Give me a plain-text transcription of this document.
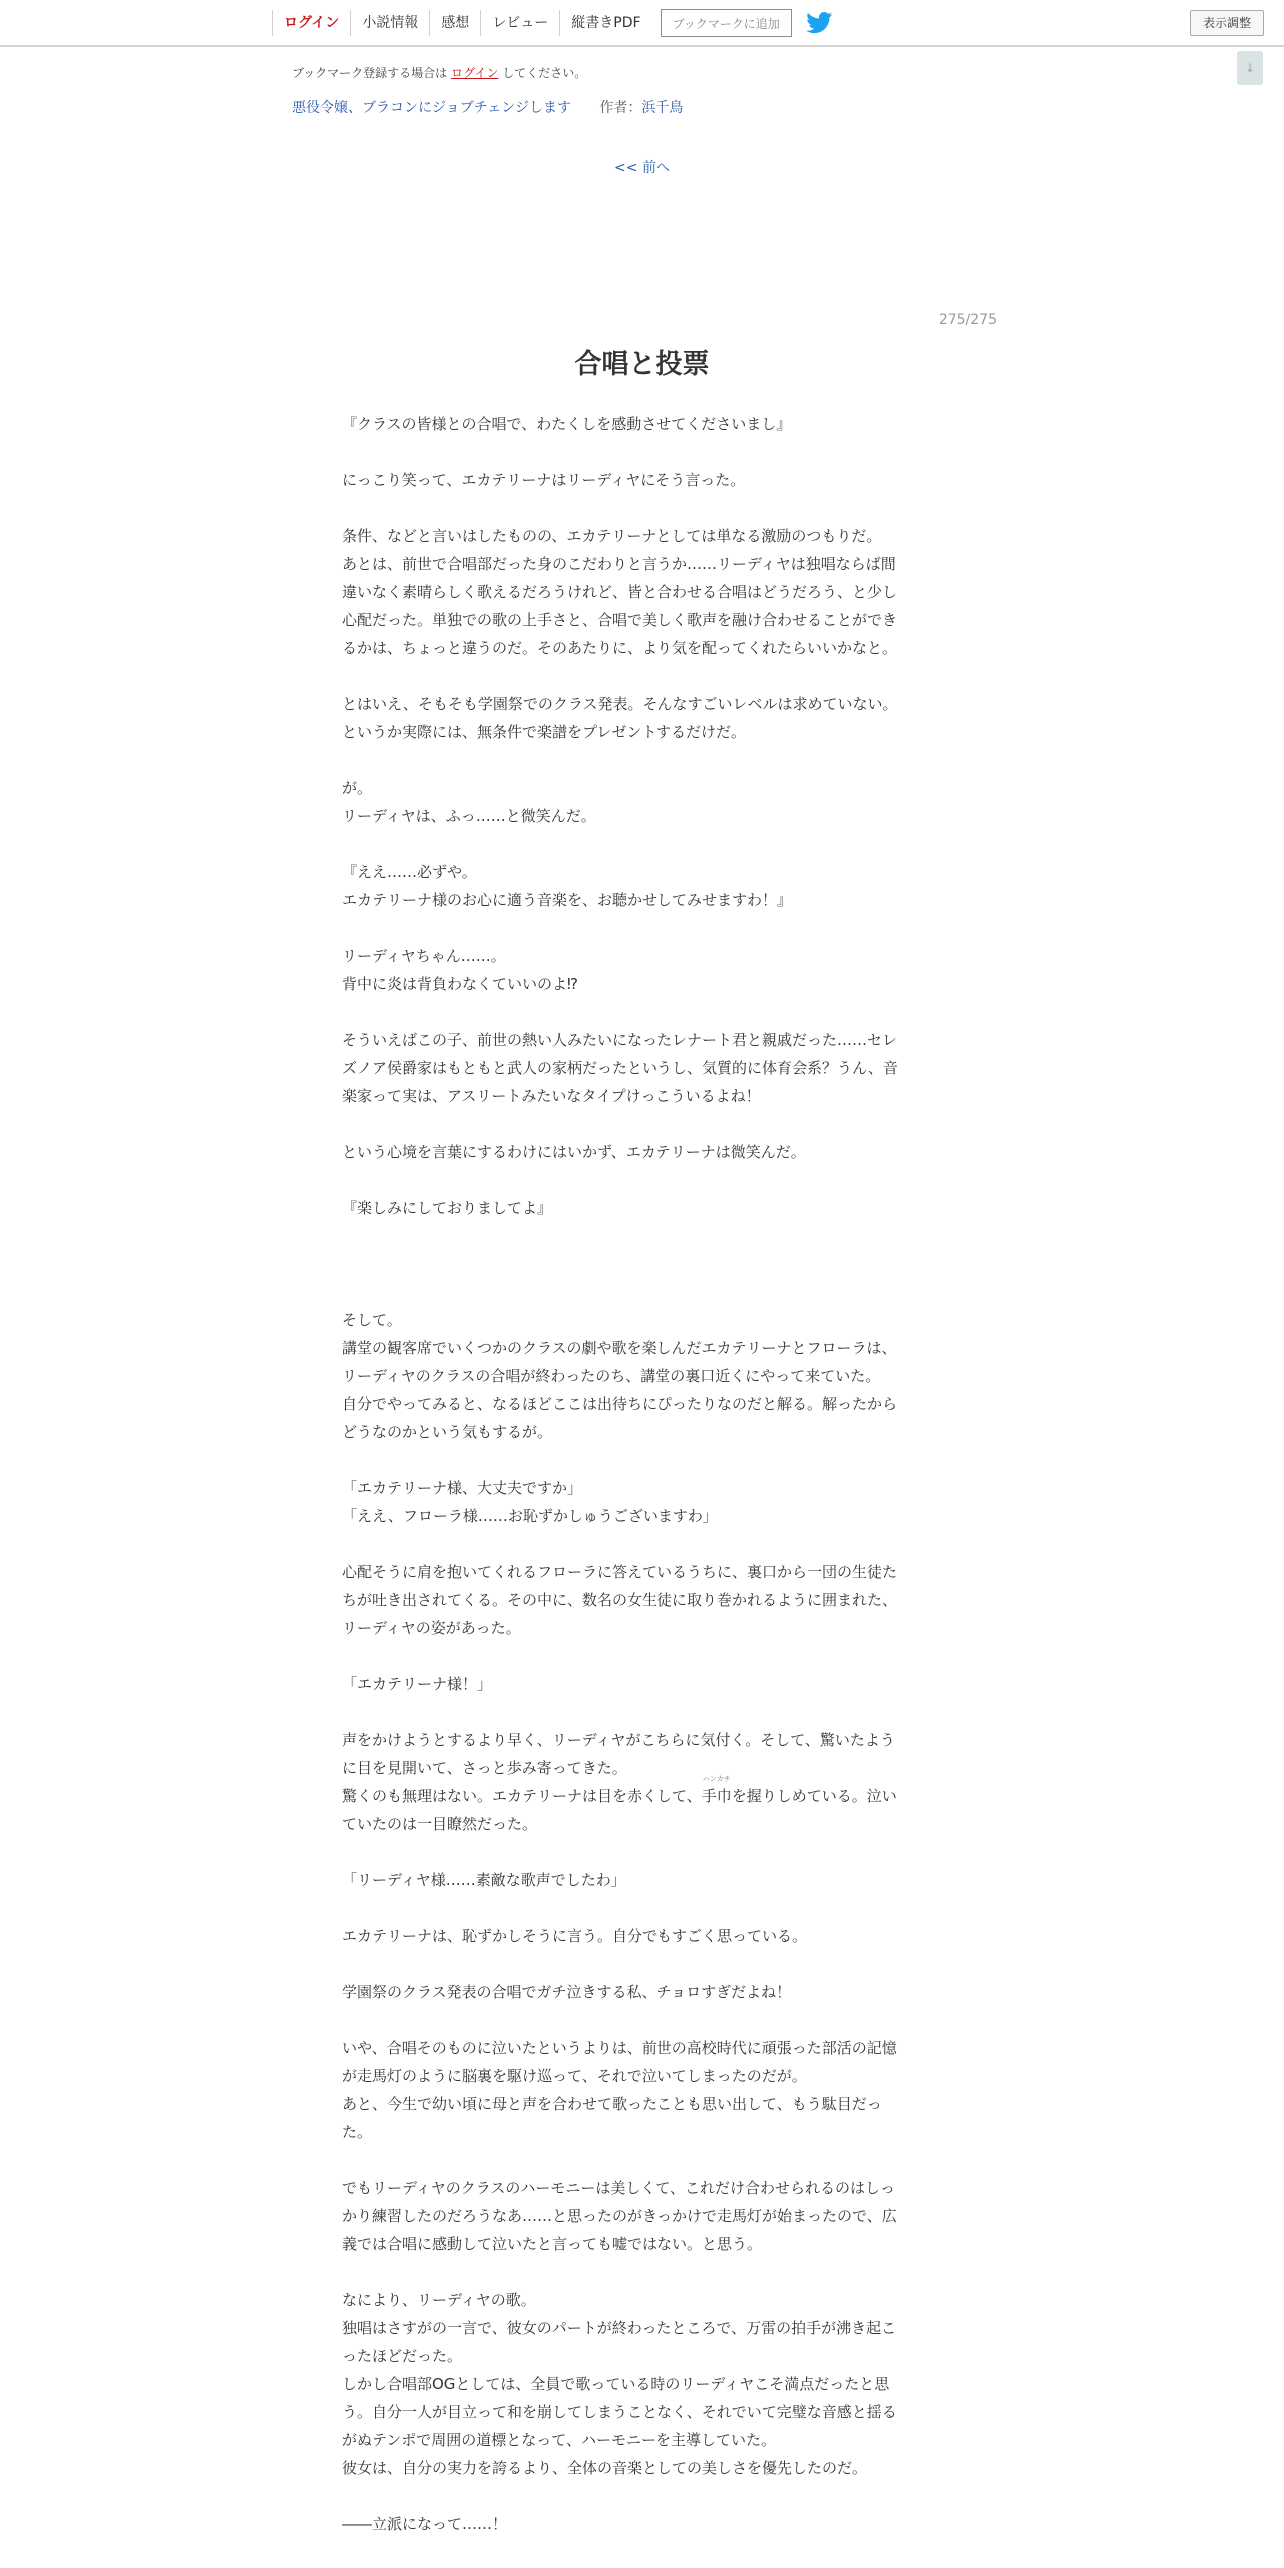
ログイン	小説情報	感想	レビュー	縦書きPDF	ブックマークに追加	表示調整
↓
ブックマーク登録する場合は ログイン してください。
悪役令嬢、ブラコンにジョブチェンジします 作者：浜千鳥
<< 前へ
275/275
合唱と投票
『クラスの皆様との合唱で、わたくしを感動させてくださいまし』
にっこり笑って、エカテリーナはリーディヤにそう言った。
条件、などと言いはしたものの、エカテリーナとしては単なる激励のつもりだ。
あとは、前世で合唱部だった身のこだわりと言うか……リーディヤは独唱ならば間
違いなく素晴らしく歌えるだろうけれど、皆と合わせる合唱はどうだろう、と少し
心配だった。単独での歌の上手さと、合唱で美しく歌声を融け合わせることができ
るかは、ちょっと違うのだ。そのあたりに、より気を配ってくれたらいいかなと。
とはいえ、そもそも学園祭でのクラス発表。そんなすごいレベルは求めていない。
というか実際には、無条件で楽譜をプレゼントするだけだ。
が。
リーディヤは、ふっ……と微笑んだ。
『ええ……必ずや。
エカテリーナ様のお心に適う音楽を、お聴かせしてみせますわ！』
リーディヤちゃん……。
背中に炎は背負わなくていいのよ⁉
そういえばこの子、前世の熱い人みたいになったレナート君と親戚だった……セレ
ズノア侯爵家はもともと武人の家柄だったというし、気質的に体育会系？うん、音
楽家って実は、アスリートみたいなタイプけっこういるよね！
という心境を言葉にするわけにはいかず、エカテリーナは微笑んだ。
『楽しみにしておりましてよ』
そして。
講堂の観客席でいくつかのクラスの劇や歌を楽しんだエカテリーナとフローラは、
リーディヤのクラスの合唱が終わったのち、講堂の裏口近くにやって来ていた。
自分でやってみると、なるほどここは出待ちにぴったりなのだと解る。解ったから
どうなのかという気もするが。
「エカテリーナ様、大丈夫ですか」
「ええ、フローラ様……お恥ずかしゅうございますわ」
心配そうに肩を抱いてくれるフローラに答えているうちに、裏口から一団の生徒た
ちが吐き出されてくる。その中に、数名の女生徒に取り巻かれるように囲まれた、
リーディヤの姿があった。
「エカテリーナ様！」
声をかけようとするより早く、リーディヤがこちらに気付く。そして、驚いたよう
に目を見開いて、さっと歩み寄ってきた。
驚くのも無理はない。エカテリーナは目を赤くして、手巾
ハンカチ
を握りしめている。泣い
ていたのは一目瞭然だった。
「リーディヤ様……素敵な歌声でしたわ」
エカテリーナは、恥ずかしそうに言う。自分でもすごく思っている。
学園祭のクラス発表の合唱でガチ泣きする私、チョロすぎだよね！
いや、合唱そのものに泣いたというよりは、前世の高校時代に頑張った部活の記憶
が走馬灯のように脳裏を駆け巡って、それで泣いてしまったのだが。
あと、今生で幼い頃に母と声を合わせて歌ったことも思い出して、もう駄目だっ
た。
でもリーディヤのクラスのハーモニーは美しくて、これだけ合わせられるのはしっ
かり練習したのだろうなあ……と思ったのがきっかけで走馬灯が始まったので、広
義では合唱に感動して泣いたと言っても嘘ではない。と思う。
なにより、リーディヤの歌。
独唱はさすがの一言で、彼女のパートが終わったところで、万雷の拍手が沸き起こ
ったほどだった。
しかし合唱部OGとしては、全員で歌っている時のリーディヤこそ満点だったと思
う。自分一人が目立って和を崩してしまうことなく、それでいて完璧な音感と揺る
がぬテンポで周囲の道標となって、ハーモニーを主導していた。
彼女は、自分の実力を誇るより、全体の音楽としての美しさを優先したのだ。
――立派になって……！
